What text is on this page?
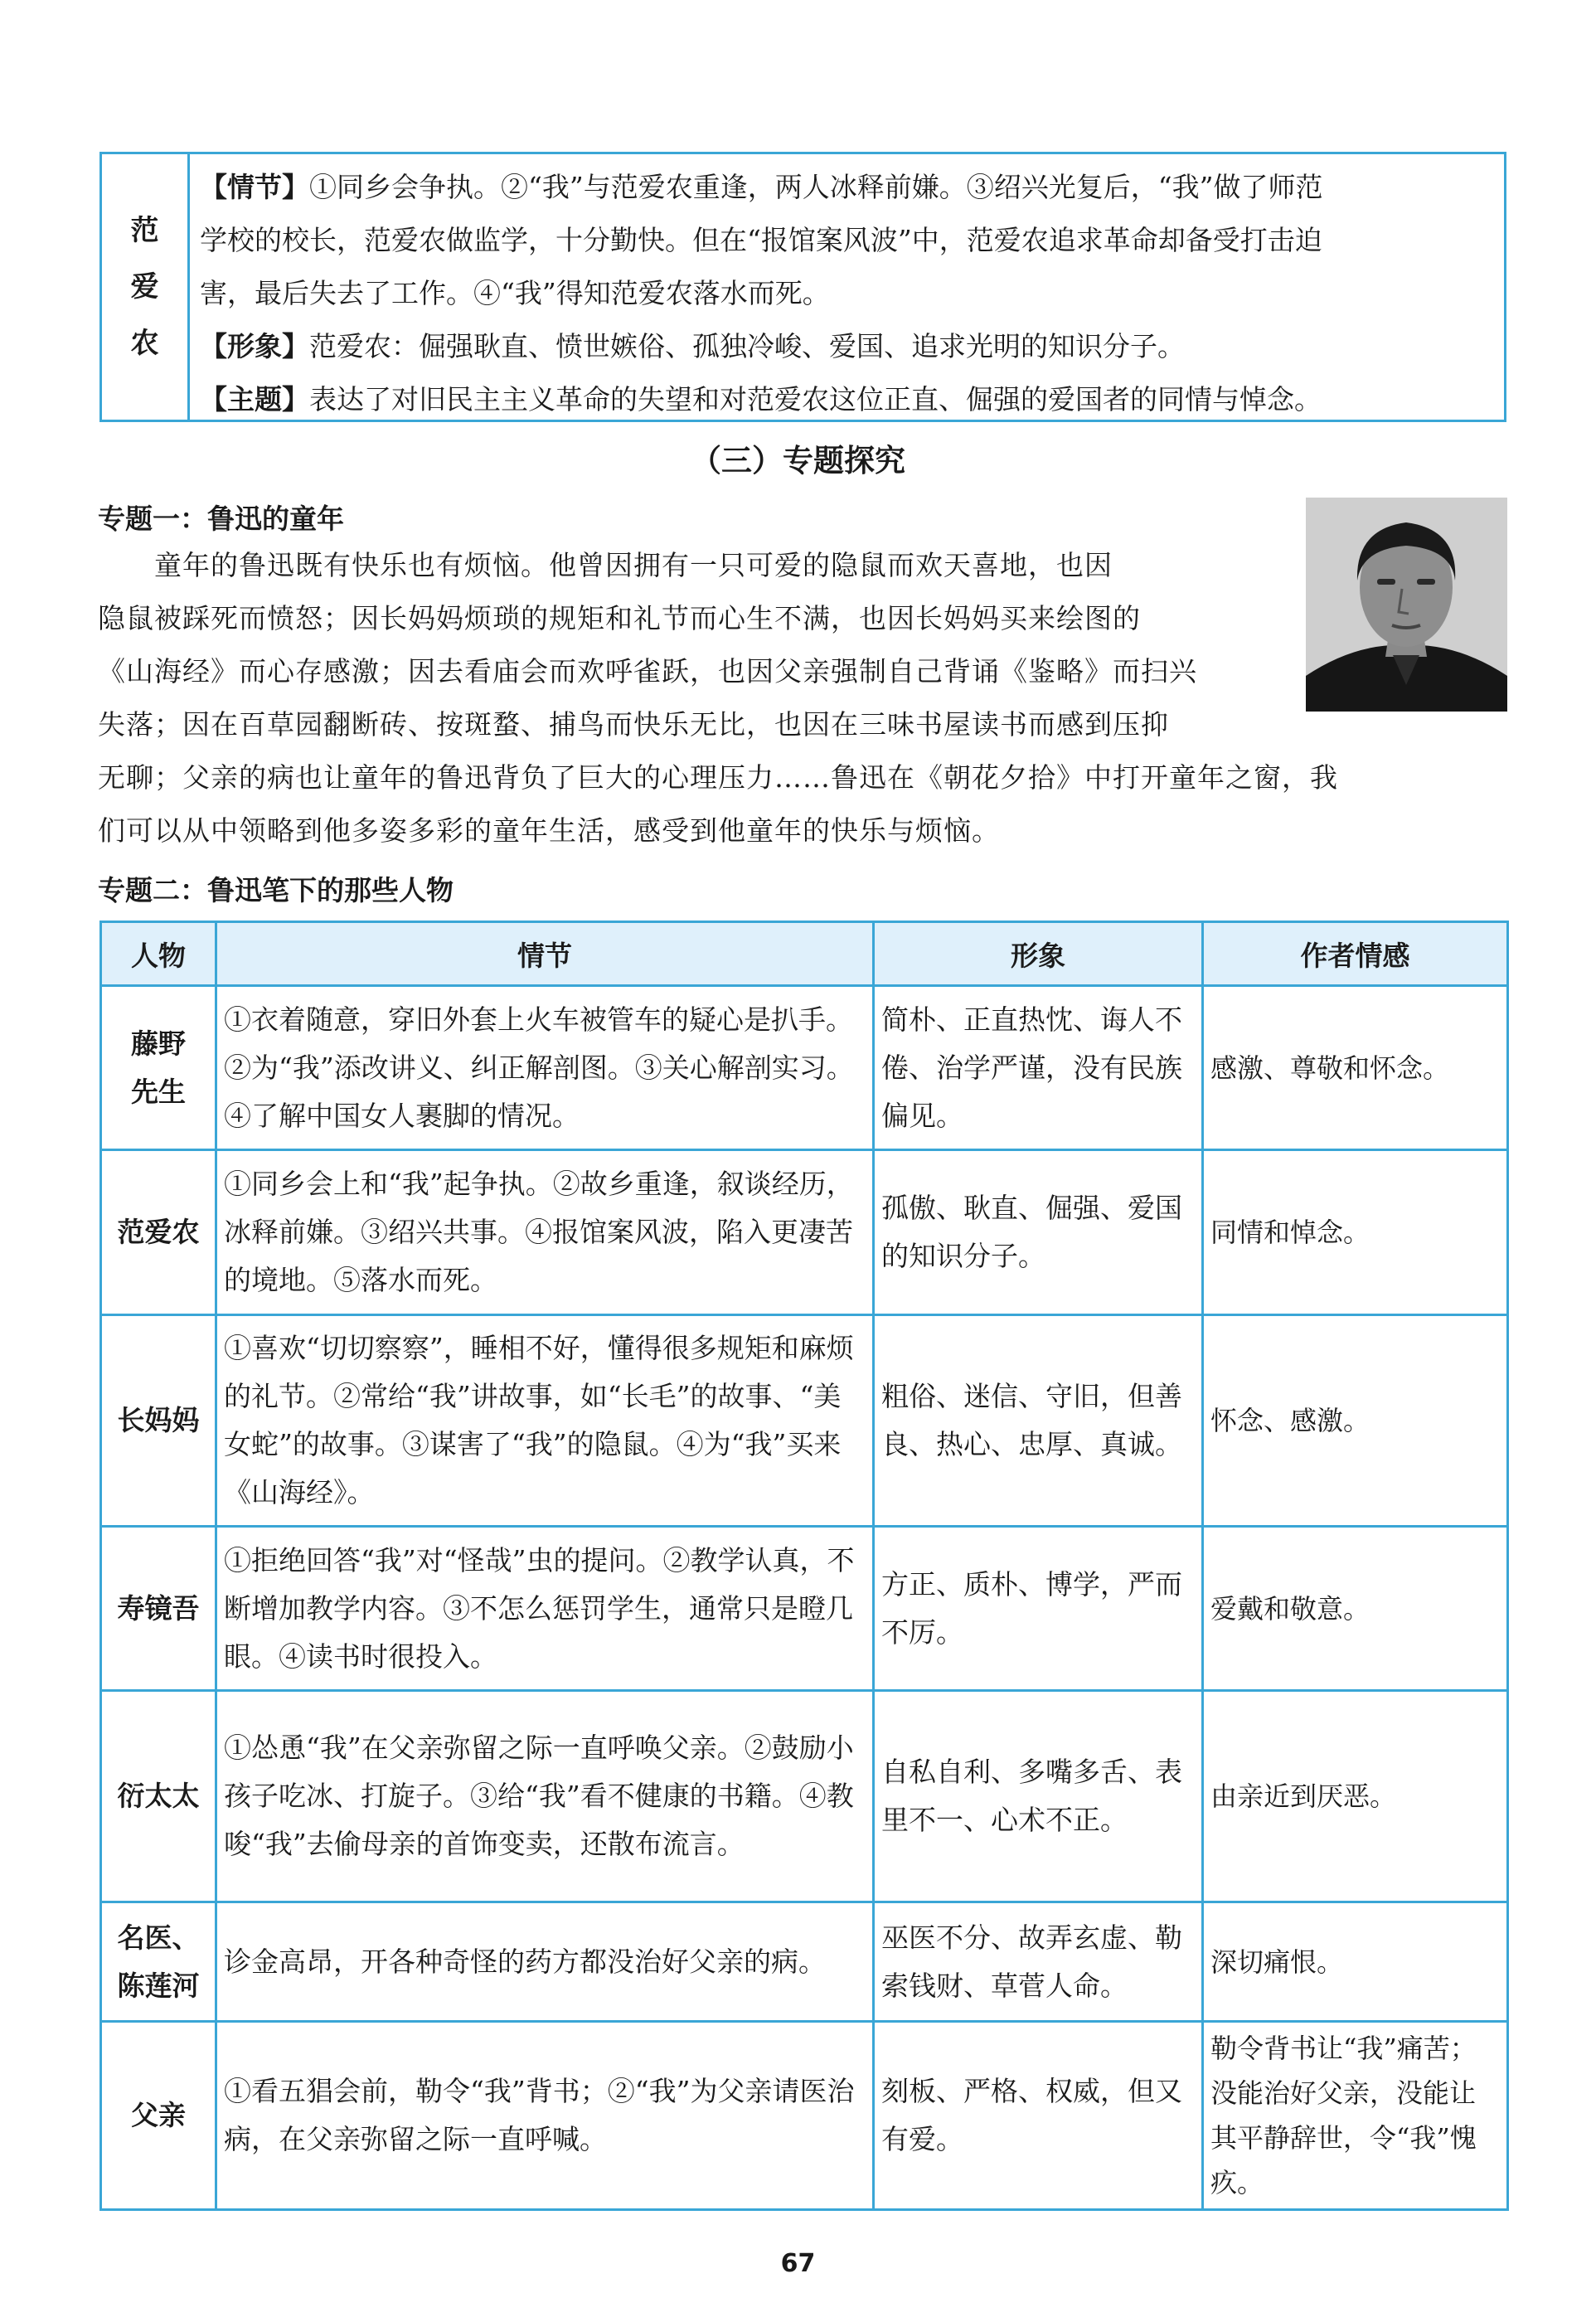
范
爱
农
【情节】①同乡会争执。②“我”与范爱农重逢，两人冰释前嫌。③绍兴光复后，“我”做了师范
学校的校长，范爱农做监学，十分勤快。但在“报馆案风波”中，范爱农追求革命却备受打击迫
害，最后失去了工作。④“我”得知范爱农落水而死。
【形象】范爱农：倔强耿直、愤世嫉俗、孤独冷峻、爱国、追求光明的知识分子。
【主题】表达了对旧民主主义革命的失望和对范爱农这位正直、倔强的爱国者的同情与悼念。
（三）专题探究
专题一：鲁迅的童年
　　童年的鲁迅既有快乐也有烦恼。他曾因拥有一只可爱的隐鼠而欢天喜地，也因
隐鼠被踩死而愤怒；因长妈妈烦琐的规矩和礼节而心生不满，也因长妈妈买来绘图的
《山海经》而心存感激；因去看庙会而欢呼雀跃，也因父亲强制自己背诵《鉴略》而扫兴
失落；因在百草园翻断砖、按斑蝥、捕鸟而快乐无比，也因在三味书屋读书而感到压抑
无聊；父亲的病也让童年的鲁迅背负了巨大的心理压力……鲁迅在《朝花夕拾》中打开童年之窗，我
们可以从中领略到他多姿多彩的童年生活，感受到他童年的快乐与烦恼。
专题二：鲁迅笔下的那些人物
人物	情节	形象	作者情感
藤野
先生	①衣着随意，穿旧外套上火车被管车的疑心是扒手。②为“我”添改讲义、纠正解剖图。③关心解剖实习。④了解中国女人裹脚的情况。	简朴、正直热忱、诲人不倦、治学严谨，没有民族偏见。	感激、尊敬和怀念。
范爱农	①同乡会上和“我”起争执。②故乡重逢，叙谈经历，冰释前嫌。③绍兴共事。④报馆案风波，陷入更凄苦的境地。⑤落水而死。	孤傲、耿直、倔强、爱国的知识分子。	同情和悼念。
长妈妈	①喜欢“切切察察”，睡相不好，懂得很多规矩和麻烦的礼节。②常给“我”讲故事，如“长毛”的故事、“美女蛇”的故事。③谋害了“我”的隐鼠。④为“我”买来《山海经》。	粗俗、迷信、守旧，但善良、热心、忠厚、真诚。	怀念、感激。
寿镜吾	①拒绝回答“我”对“怪哉”虫的提问。②教学认真，不断增加教学内容。③不怎么惩罚学生，通常只是瞪几眼。④读书时很投入。	方正、质朴、博学，严而不厉。	爱戴和敬意。
衍太太	①怂恿“我”在父亲弥留之际一直呼唤父亲。②鼓励小孩子吃冰、打旋子。③给“我”看不健康的书籍。④教唆“我”去偷母亲的首饰变卖，还散布流言。	自私自利、多嘴多舌、表里不一、心术不正。	由亲近到厌恶。
名医、
陈莲河	诊金高昂，开各种奇怪的药方都没治好父亲的病。	巫医不分、故弄玄虚、勒索钱财、草菅人命。	深切痛恨。
父亲	①看五猖会前，勒令“我”背书；②“我”为父亲请医治病，在父亲弥留之际一直呼喊。	刻板、严格、权威，但又有爱。	勒令背书让“我”痛苦；没能治好父亲，没能让其平静辞世，令“我”愧疚。
67
